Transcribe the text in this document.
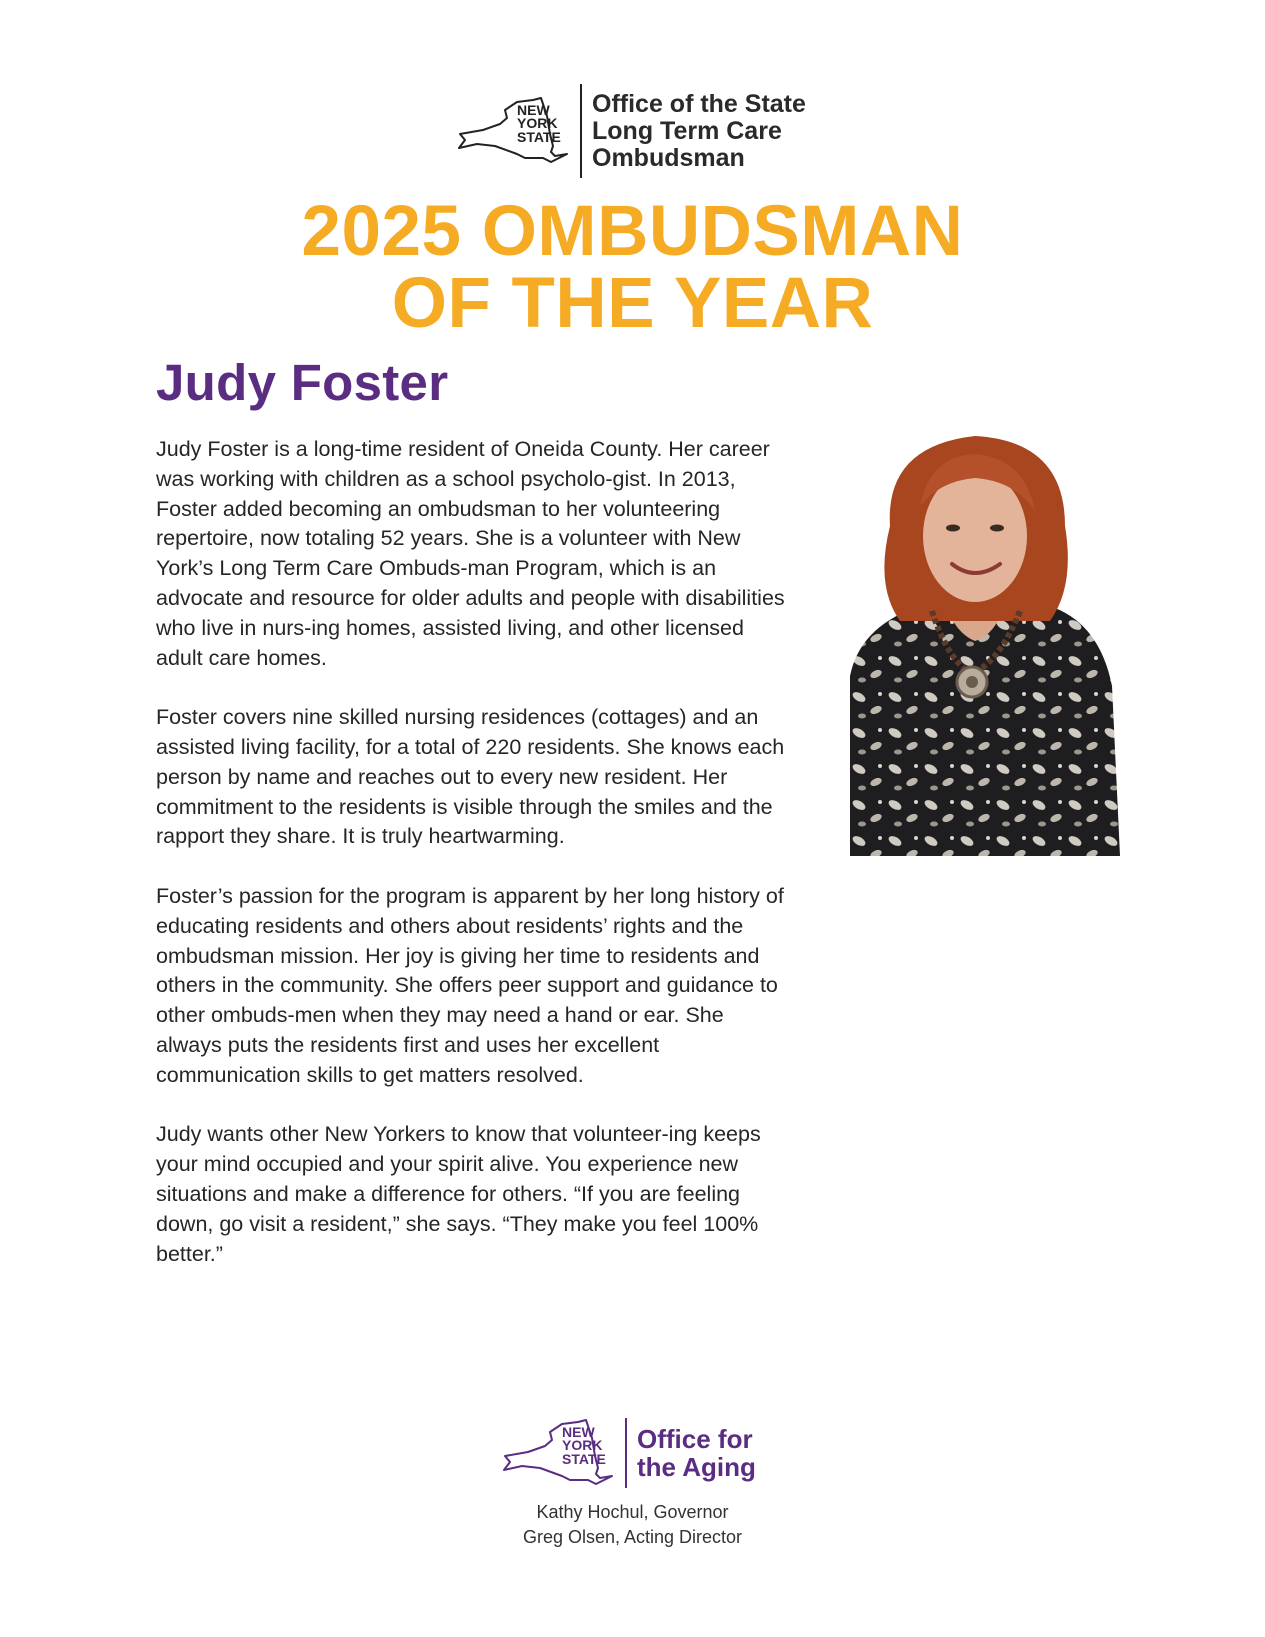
NEW
YORK
STATE
Office of the State
Long Term Care
Ombudsman
2025 OMBUDSMAN
OF THE YEAR
Judy Foster

Judy Foster is a long-time resident of Oneida County. Her career was working with children as a school psycholo-gist. In 2013, Foster added becoming an ombudsman to her volunteering repertoire, now totaling 52 years. She is a volunteer with New York’s Long Term Care Ombuds-man Program, which is an advocate and resource for older adults and people with disabilities who live in nurs-ing homes, assisted living, and other licensed adult care homes.

Foster covers nine skilled nursing residences (cottages) and an assisted living facility, for a total of 220 residents. She knows each person by name and reaches out to every new resident. Her commitment to the residents is visible through the smiles and the rapport they share. It is truly heartwarming.

Foster’s passion for the program is apparent by her long history of educating residents and others about residents’ rights and the ombudsman mission. Her joy is giving her time to residents and others in the community. She offers peer support and guidance to other ombuds-men when they may need a hand or ear. She always puts the residents first and uses her excellent communication skills to get matters resolved.

Judy wants other New Yorkers to know that volunteer-ing keeps your mind occupied and your spirit alive. You experience new situations and make a difference for others. “If you are feeling down, go visit a resident,” she says. “They make you feel 100% better.”

NEW
YORK
STATE
Office for
the Aging
Kathy Hochul, Governor
Greg Olsen, Acting Director
